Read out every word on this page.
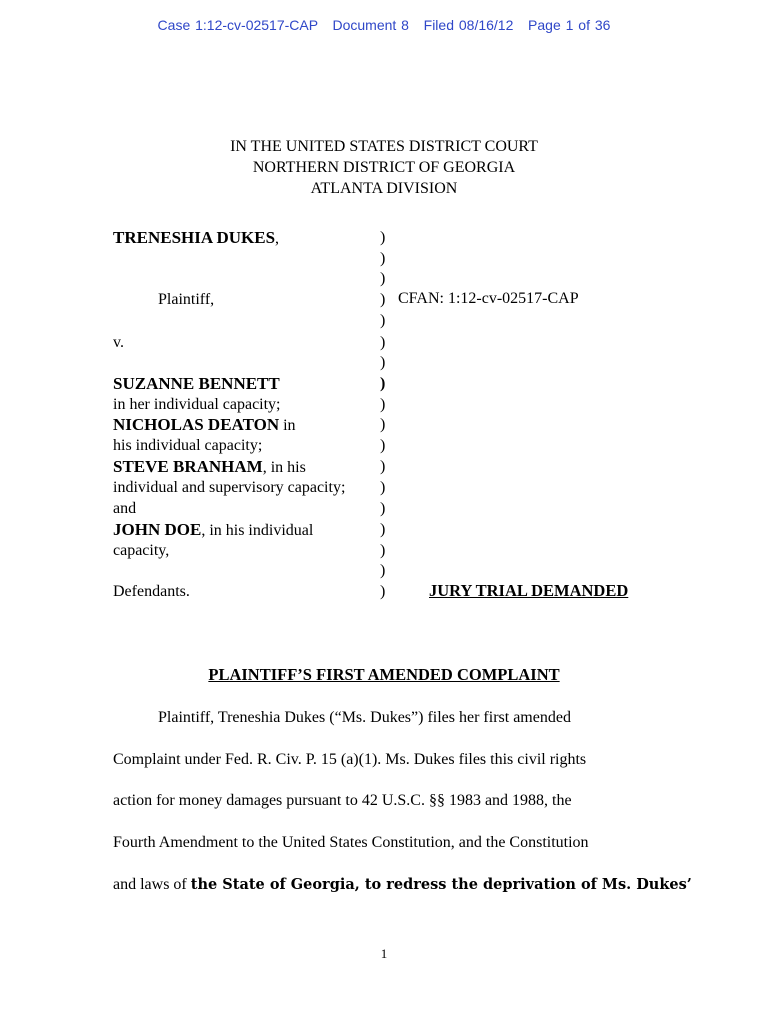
Case 1:12-cv-02517-CAP   Document 8   Filed 08/16/12   Page 1 of 36
IN THE UNITED STATES DISTRICT COURT
NORTHERN DISTRICT OF GEORGIA
ATLANTA DIVISION
TRENESHIA DUKES,
Plaintiff,
v.
SUZANNE BENNETT
in her individual capacity;
NICHOLAS DEATON in
his individual capacity;
STEVE BRANHAM, in his
individual and supervisory capacity;
and
JOHN DOE, in his individual
capacity,
Defendants.
)
)
)
)
)
)
)
)
)
)
)
)
)
)
)
)
)
)
CFAN: 1:12-cv-02517-CAP
JURY TRIAL DEMANDED
PLAINTIFF’S FIRST AMENDED COMPLAINT
Plaintiff, Treneshia Dukes (“Ms. Dukes”) files her first amended
Complaint under Fed. R. Civ. P. 15 (a)(1). Ms. Dukes files this civil rights
action for money damages pursuant to 42 U.S.C. §§ 1983 and 1988, the
Fourth Amendment to the United States Constitution, and the Constitution
and laws of the State of Georgia, to redress the deprivation of Ms. Dukes’
1
